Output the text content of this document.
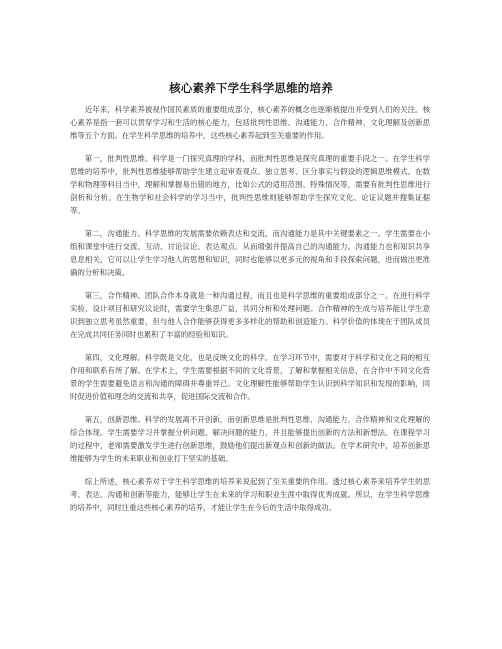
核心素养下学生科学思维的培养

近年来，科学素养被视作国民素质的重要组成部分，核心素养的概念也逐渐被提出并受到人们的关注。核心素养是指一套可以贯穿学习和生活的核心能力，包括批判性思维、沟通能力、合作精神、文化理解及创新思维等五个方面。在学生科学思维的培养中，这些核心素养起到至关重要的作用。

第一，批判性思维。科学是一门探究真理的学科，而批判性思维是探究真理的重要手段之一。在学生科学思维的培养中，批判性思维能够帮助学生建立起审查观点、独立思考、区分事实与假设的逻辑思维模式。在数学和物理等科目当中，理解和掌握易出错的地方，比如公式的适用范围、特殊情况等，需要有批判性思维进行剖析和分析。在生物学和社会科学的学习当中，批判性思维则能够帮助学生探究文化、论证议题并搜集证据等。

第二，沟通能力。科学思维的发展需要依赖表达和交流，而沟通能力是其中关键要素之一。学生需要在小组和课堂中进行交流、互动、讨论议论、表达观点。从而增强并提高自己的沟通能力。沟通能力也和知识共享息息相关，它可以让学生学习他人的思想和知识，同时也能够以更多元的视角和手段探索问题，进而做出更准确的分析和决策。

第三，合作精神。团队合作本身就是一种沟通过程，而且也是科学思维的重要组成部分之一。在进行科学实验、设计项目和研究议论时，需要学生集思广益，共同分析和处理问题。合作精神的生成与培养能让学生意识到独立思考虽然重要，但与他人合作能够获得更多多样化的帮助和创造能力。科学价值的体现在于团队成员在完成共同任务同时也累积了丰富的经验和知识。

第四，文化理解。科学既是文化，也是反映文化的科学。在学习环节中，需要对于科学和文化之间的相互作用和联系有所了解。在学术上，学生需要根据不同的文化背景，了解和掌握相关信息，在合作中不同文化背景的学生需要避免语言和沟通的障碍并尊重异己。文化理解性能够帮助学生认识到科学知识和发现的影响，同时促进价值和理念的交流和共享，促进国际交流和合作。

第五，创新思维。科学的发展离不开创新，而创新思维是批判性思维、沟通能力、合作精神和文化理解的综合体现。学生需要学习并掌握分析问题、解决问题的能力，并且能够提出创新的方法和新想法。在课程学习的过程中，老师需要激发学生进行创新思维，鼓励他们提出新观点和创新的做法。在学术研究中，培养创新思维能够为学生的未来职业和创业打下坚实的基础。

综上所述，核心素养对于学生科学思维的培养来说起到了至关重要的作用。透过核心素养来培养学生的思考、表达、沟通和创新等能力，能够让学生在未来的学习和职业生涯中取得优秀成就。所以，在学生科学思维的培养中，同时注重这些核心素养的培养，才能让学生在今后的生活中取得成功。
